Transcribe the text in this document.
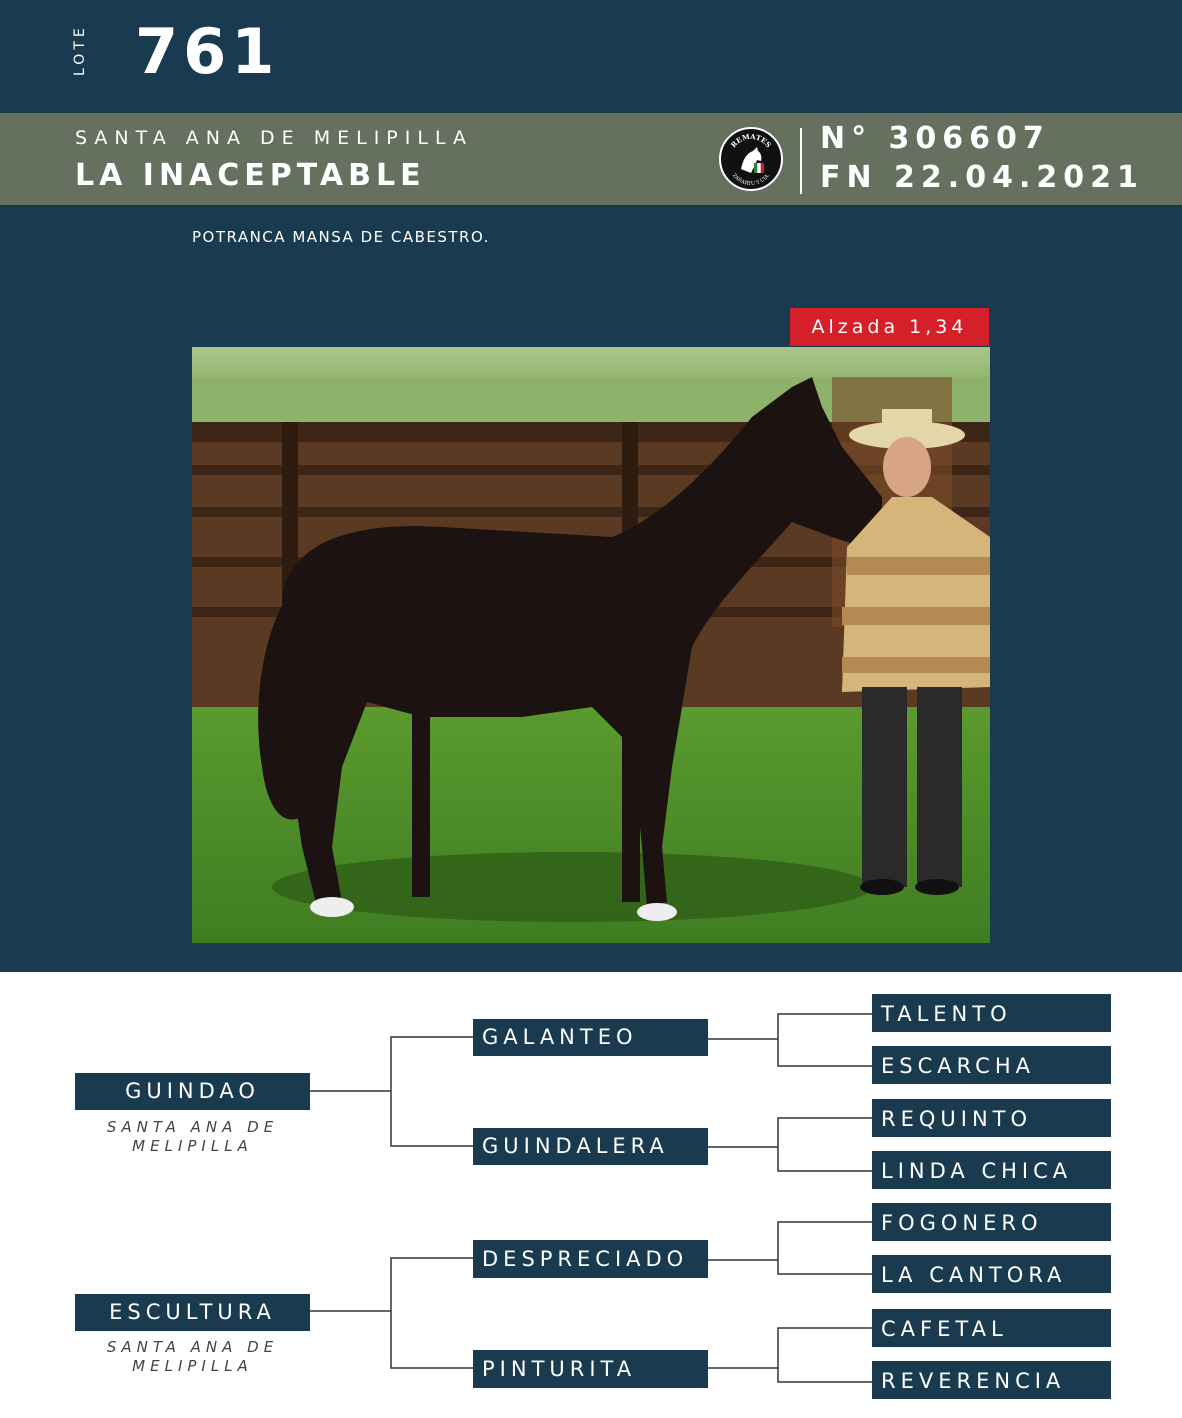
LOTE 761
SANTA ANA DE MELIPILLA
LA INACEPTABLE
REMATES
ZAÑARTU Y CIA.
N° 306607
FN 22.04.2021
POTRANCA MANSA DE CABESTRO.
Alzada 1,34
GUINDAO
SANTA ANA DE
MELIPILLA
ESCULTURA
SANTA ANA DE
MELIPILLA
GALANTEO
GUINDALERA
DESPRECIADO
PINTURITA
TALENTO
ESCARCHA
REQUINTO
LINDA CHICA
FOGONERO
LA CANTORA
CAFETAL
REVERENCIA
